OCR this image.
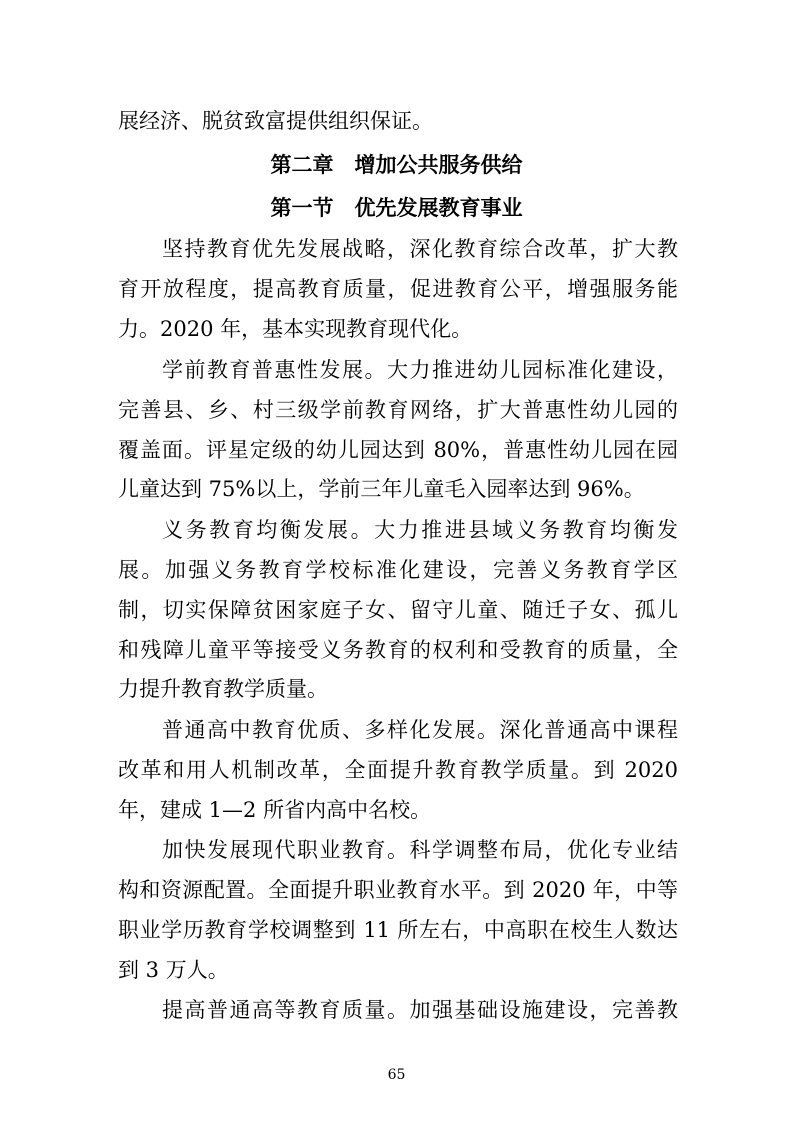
展经济、脱贫致富提供组织保证。
第二章　增加公共服务供给
第一节　优先发展教育事业
坚持教育优先发展战略，深化教育综合改革，扩大教
育开放程度，提高教育质量，促进教育公平，增强服务能
力。2020 年，基本实现教育现代化。
学前教育普惠性发展。大力推进幼儿园标准化建设，
完善县、乡、村三级学前教育网络，扩大普惠性幼儿园的
覆盖面。评星定级的幼儿园达到 80%，普惠性幼儿园在园
儿童达到 75%以上，学前三年儿童毛入园率达到 96%。
义务教育均衡发展。大力推进县域义务教育均衡发
展。加强义务教育学校标准化建设，完善义务教育学区
制，切实保障贫困家庭子女、留守儿童、随迁子女、孤儿
和残障儿童平等接受义务教育的权利和受教育的质量，全
力提升教育教学质量。
普通高中教育优质、多样化发展。深化普通高中课程
改革和用人机制改革，全面提升教育教学质量。到 2020
年，建成 1—2 所省内高中名校。
加快发展现代职业教育。科学调整布局，优化专业结
构和资源配置。全面提升职业教育水平。到 2020 年，中等
职业学历教育学校调整到 11 所左右，中高职在校生人数达
到 3 万人。
提高普通高等教育质量。加强基础设施建设，完善教
65
